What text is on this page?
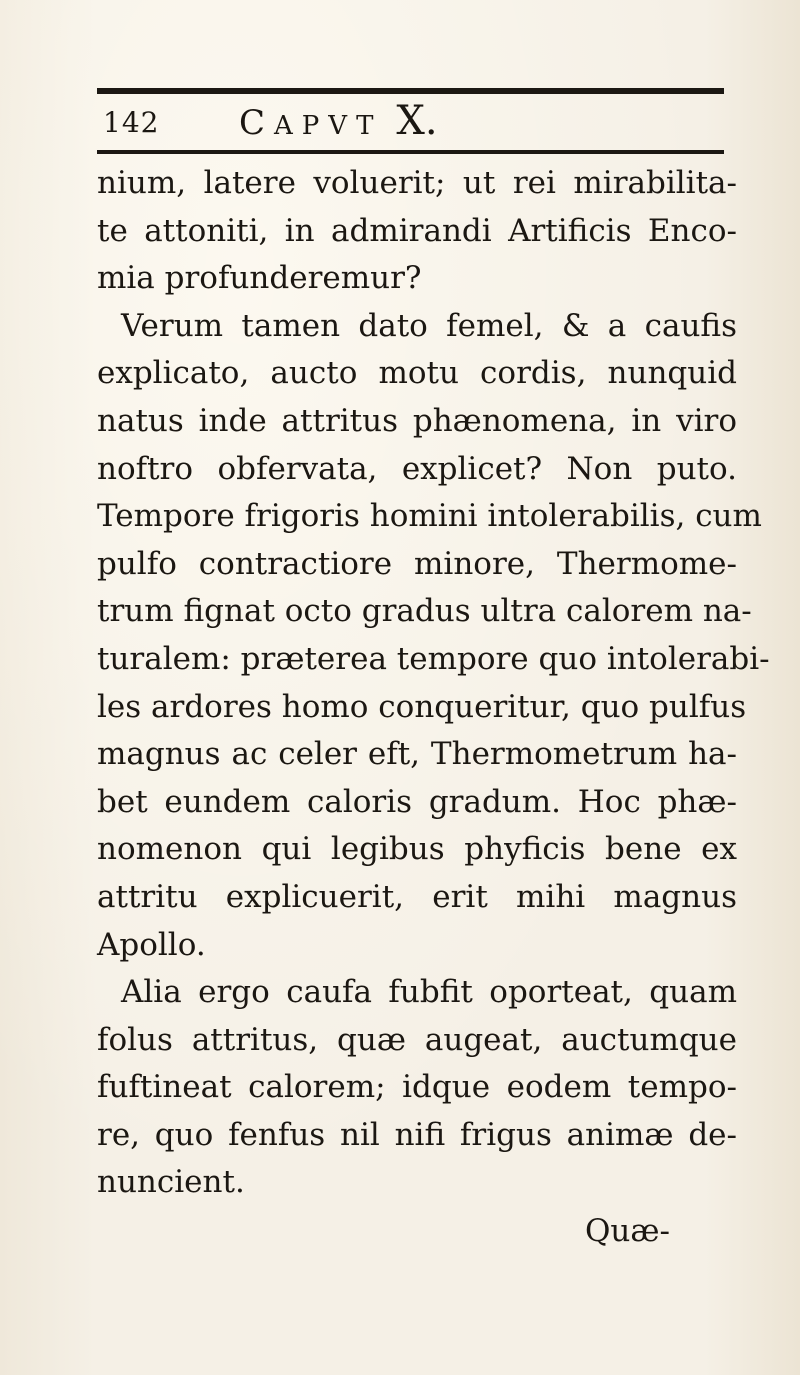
142 CAPVT X.
nium, latere voluerit; ut rei mirabilita-
te attoniti, in admirandi Artificis Enco-
mia profunderemur?
Verum tamen dato femel, & a caufis
explicato, aucto motu cordis, nunquid
natus inde attritus phænomena, in viro
noftro obfervata, explicet? Non puto.
Tempore frigoris homini intolerabilis, cum
pulfo contractiore minore, Thermome-
trum fignat octo gradus ultra calorem na-
turalem: præterea tempore quo intolerabi-
les ardores homo conqueritur, quo pulfus
magnus ac celer eft, Thermometrum ha-
bet eundem caloris gradum. Hoc phæ-
nomenon qui legibus phyficis bene ex
attritu explicuerit, erit mihi magnus
Apollo.
Alia ergo caufa fubfit oporteat, quam
folus attritus, quæ augeat, auctumque
fuftineat calorem; idque eodem tempo-
re, quo fenfus nil nifi frigus animæ de-
nuncient.
Quæ-
